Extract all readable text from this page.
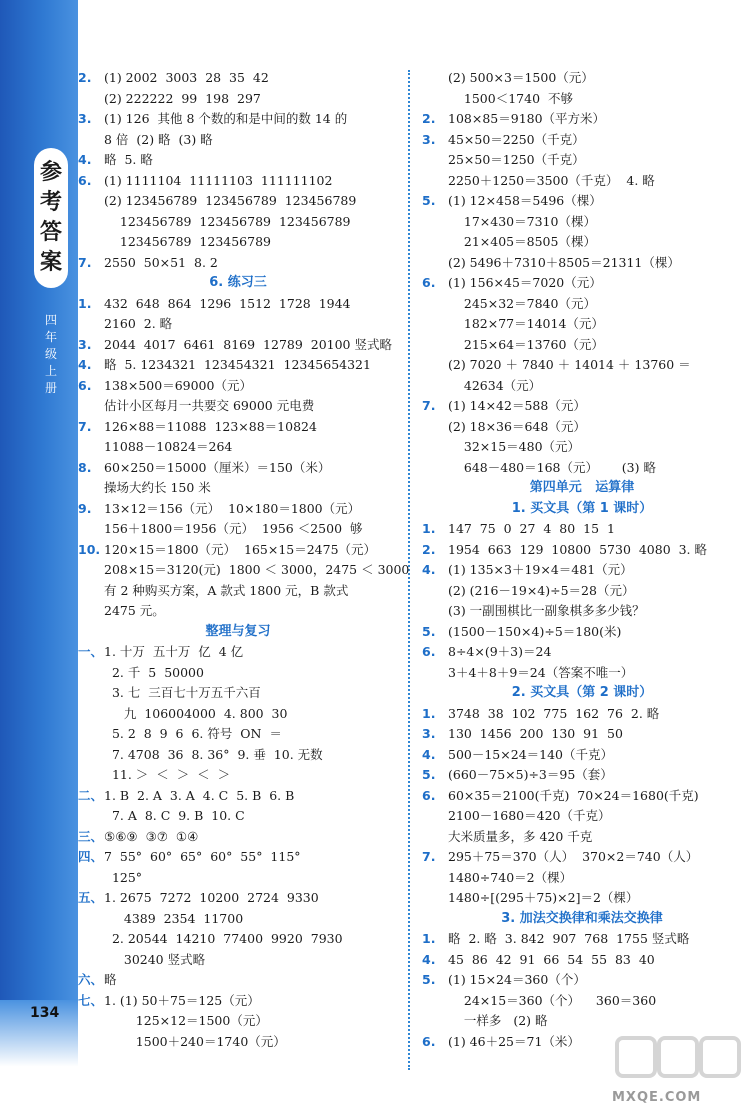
参
考
答
案
四
年
级
上
册
134
2. (1) 2002  3003  28  35  42
(2) 222222  99  198  297
3. (1) 126  其他 8 个数的和是中间的数 14 的
8 倍  (2) 略  (3) 略
4. 略  5. 略
6. (1) 1111104  11111103  111111102
(2) 123456789  123456789  123456789
123456789  123456789  123456789
123456789  123456789
7. 2550  50×51  8. 2
6. 练习三
1. 432  648  864  1296  1512  1728  1944
2160  2. 略
3. 2044  4017  6461  8169  12789  20100 竖式略
4. 略  5. 1234321  123454321  12345654321
6. 138×500＝69000（元）
估计小区每月一共要交 69000 元电费
7. 126×88＝11088  123×88＝10824
11088－10824＝264
8. 60×250＝15000（厘米）＝150（米）
操场大约长 150 米
9. 13×12＝156（元）  10×180＝1800（元）
156＋1800＝1956（元）  1956 ＜2500  够
10. 120×15＝1800（元）  165×15＝2475（元）
208×15＝3120(元)  1800 ＜ 3000，2475 ＜ 3000
有 2 种购买方案，A 款式 1800 元，B 款式
2475 元。
整理与复习
一、1. 十万  五十万  亿  4 亿
2. 千  5  50000
3. 七  三百七十万五千六百
九  106004000  4. 800  30
5. 2  8  9  6  6. 符号  ON  ＝
7. 4708  36  8. 36°  9. 垂  10. 无数
11. ＞  ＜  ＞  ＜  ＞
二、1. B  2. A  3. A  4. C  5. B  6. B
7. A  8. C  9. B  10. C
三、⑤⑥⑨  ③⑦  ①④
四、7  55°  60°  65°  60°  55°  115°
125°
五、1. 2675  7272  10200  2724  9330
4389  2354  11700
2. 20544  14210  77400  9920  7930
30240 竖式略
六、略
七、1. (1) 50＋75＝125（元）
125×12＝1500（元）
1500＋240＝1740（元）
(2) 500×3＝1500（元）
1500＜1740  不够
2. 108×85＝9180（平方米）
3. 45×50＝2250（千克）
25×50＝1250（千克）
2250＋1250＝3500（千克）  4. 略
5. (1) 12×458＝5496（棵）
17×430＝7310（棵）
21×405＝8505（棵）
(2) 5496＋7310＋8505＝21311（棵）
6. (1) 156×45＝7020（元）
245×32＝7840（元）
182×77＝14014（元）
215×64＝13760（元）
(2) 7020 ＋ 7840 ＋ 14014 ＋ 13760 ＝
42634（元）
7. (1) 14×42＝588（元）
(2) 18×36＝648（元）
32×15＝480（元）
648－480＝168（元）      (3) 略
第四单元   运算律
1. 买文具（第 1 课时）
1. 147  75  0  27  4  80  15  1
2. 1954  663  129  10800  5730  4080  3. 略
4. (1) 135×3＋19×4＝481（元）
(2) (216－19×4)÷5＝28（元）
(3) 一副围棋比一副象棋多多少钱？
5. (1500－150×4)÷5＝180(米)
6. 8÷4×(9＋3)＝24
3＋4＋8＋9＝24（答案不唯一）
2. 买文具（第 2 课时）
1. 3748  38  102  775  162  76  2. 略
3. 130  1456  200  130  91  50
4. 500－15×24＝140（千克）
5. (660－75×5)÷3＝95（套）
6. 60×35＝2100(千克)  70×24＝1680(千克)
2100－1680＝420（千克）
大米质量多，多 420 千克
7. 295＋75＝370（人）  370×2＝740（人）
1480÷740＝2（棵）
1480÷[(295＋75)×2]＝2（棵）
3. 加法交换律和乘法交换律
1. 略  2. 略  3. 842  907  768  1755 竖式略
4. 45  86  42  91  66  54  55  83  40
5. (1) 15×24＝360（个）
24×15＝360（个）    360＝360
一样多   (2) 略
6. (1) 46＋25＝71（米）
MXQE.COM
